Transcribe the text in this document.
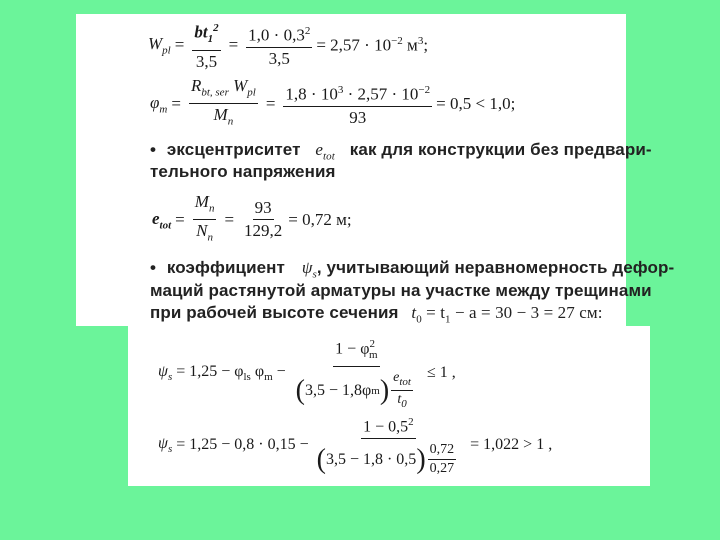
$W_{pl} = \frac{bt_1^2}{3,5} = \frac{1,0 \cdot 0,3^2}{3,5} = 2,57 \cdot 10^{-2}$ $м^3$;
$\varphi_m = \frac{R_{bt, ser} W_{pl}}{M_п} = \frac{1,8 \cdot 10^3 \cdot 2,57 \cdot 10^{-2}}{93} = 0,5 < 1,0$;
• эксцентриситет $e_{tot}$ как для конструкции без предвари-
тельного напряжения
$e_{tot} = \frac{M_п}{N_п} = \frac{93}{129,2} = 0,72$ м;
• коэффициент $\psi_s$, учитывающий неравномерность дефор-
маций растянутой арматуры на участке между трещинами
при рабочей высоте сечения $t_0 = t_1 - a = 30 - 3 = 27$ см:
$\psi_s = 1,25 - \varphi_{ls}$ $\varphi_m - \frac{1 - \varphi^2_m}{( 3,5 - 1,8\varphi m ) \frac{e_{tot}}{t_0}} \le 1$ ,
$\psi_s = 1,25 - 0,8 \cdot 0,15 - \frac{1 - 0,5^2}{( 3,5 - 1,8 \cdot 0,5 ) \frac{0,72}{0,27}} = 1,022 > 1$ ,
